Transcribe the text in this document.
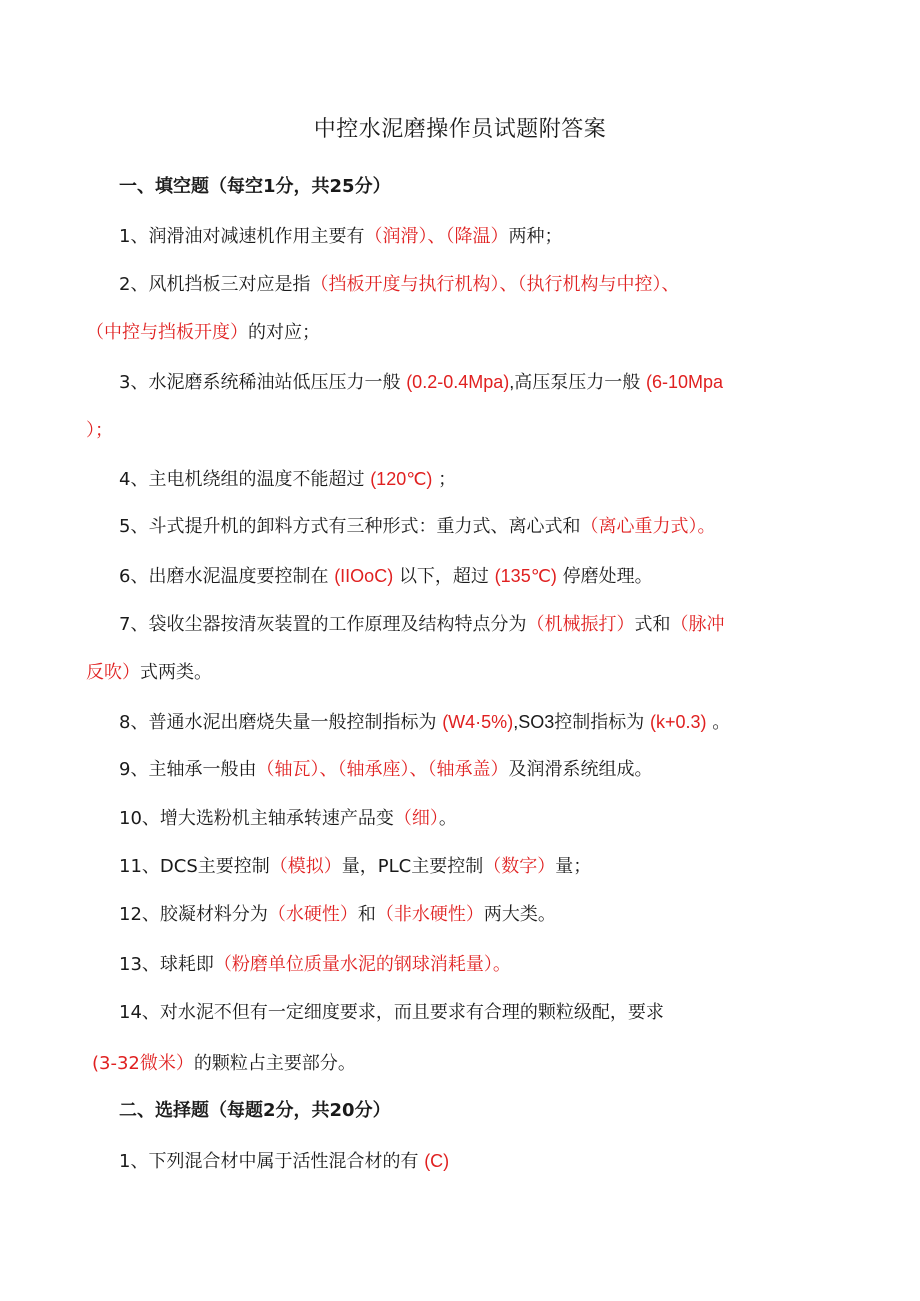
中控水泥磨操作员试题附答案
一、填空题（每空1分，共25分）
1、润滑油对减速机作用主要有（润滑）、（降温）两种；
2、风机挡板三对应是指（挡板开度与执行机构）、（执行机构与中控）、
（中控与挡板开度）的对应；
3、水泥磨系统稀油站低压压力一般 (0.2-0.4Mpa),高压泵压力一般 (6-10Mpa
）；
4、主电机绕组的温度不能超过 (120℃) ；
5、斗式提升机的卸料方式有三种形式：重力式、离心式和（离心重力式）。
6、出磨水泥温度要控制在 (IIOoC) 以下，超过 (135℃) 停磨处理。
7、袋收尘器按清灰装置的工作原理及结构特点分为（机械振打）式和（脉冲
反吹）式两类。
8、普通水泥出磨烧失量一般控制指标为 (W4·5%),SO3控制指标为 (k+0.3) 。
9、主轴承一般由（轴瓦）、（轴承座）、（轴承盖）及润滑系统组成。
10、增大选粉机主轴承转速产品变（细）。
11、DCS主要控制（模拟）量，PLC主要控制（数字）量；
12、胶凝材料分为（水硬性）和（非水硬性）两大类。
13、球耗即（粉磨单位质量水泥的钢球消耗量）。
14、对水泥不但有一定细度要求，而且要求有合理的颗粒级配，要求
(3-32微米）的颗粒占主要部分。
二、选择题（每题2分，共20分）
1、下列混合材中属于活性混合材的有 (C)
